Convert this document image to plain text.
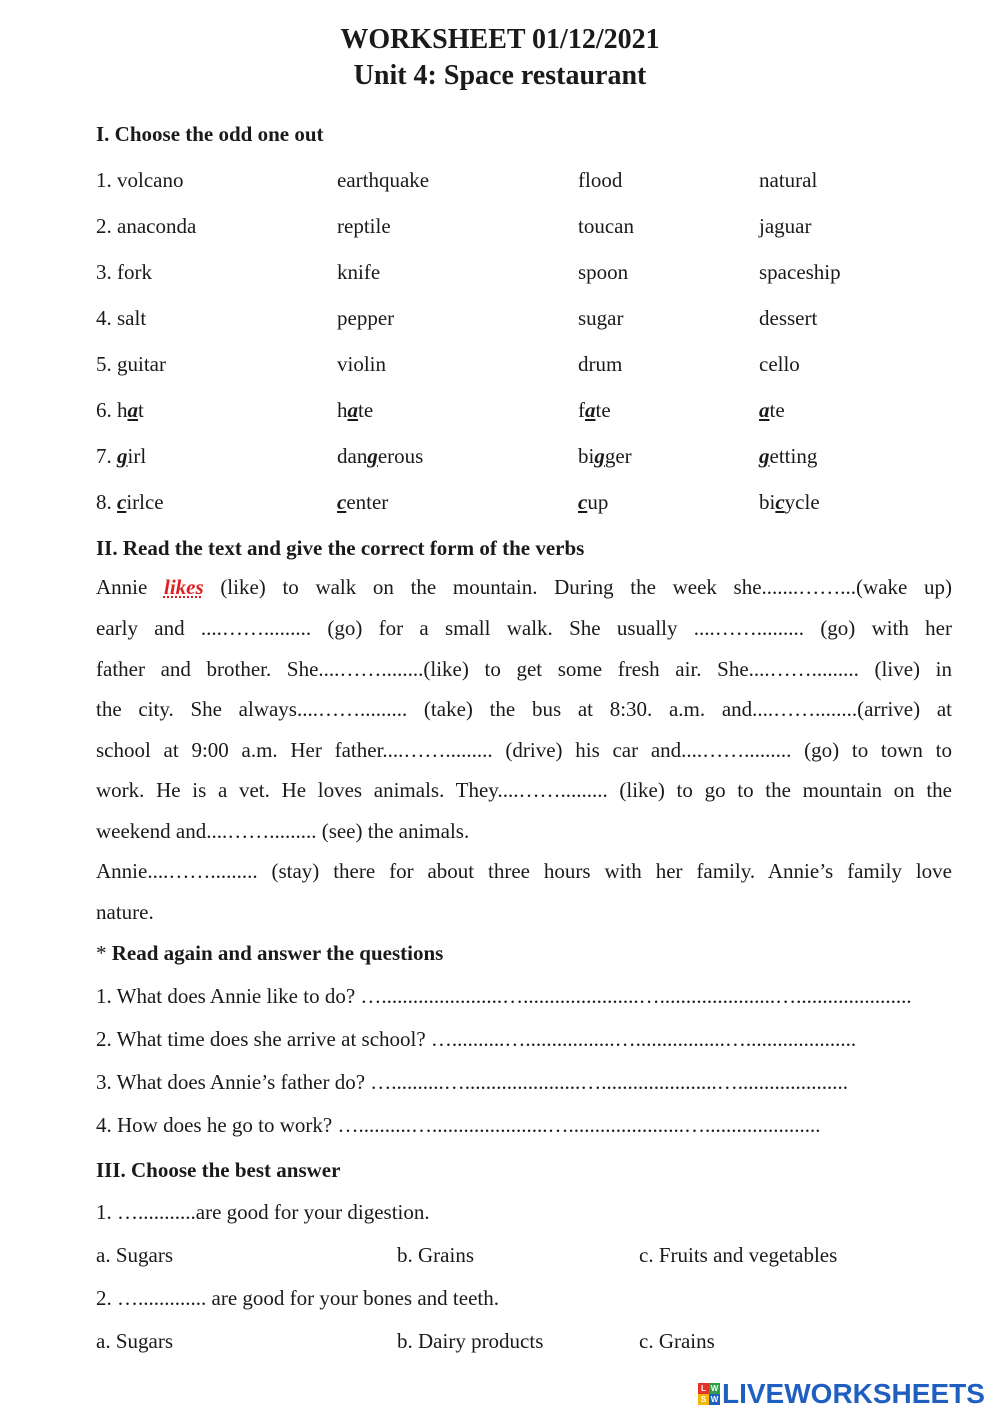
WORKSHEET 01/12/2021
Unit 4: Space restaurant
I. Choose the odd one out
1. volcano	earthquake	flood	natural
2. anaconda	reptile	toucan	jaguar
3. fork	knife	spoon	spaceship
4. salt	pepper	sugar	dessert
5. guitar	violin	drum	cello
6. hat	hate	fate	ate
7. girl	dangerous	bigger	getting
8. cirlce	center	cup	bicycle
II. Read the text and give the correct form of the verbs
Annie likes (like) to walk on the mountain. During the week she.......……...(wake up)
early and ....……......... (go) for a small walk. She usually ....……......... (go) with her
father and brother. She....……........(like) to get some fresh air. She....……......... (live) in
the city. She always....……......... (take) the bus at 8:30. a.m. and....……........(arrive) at
school at 9:00 a.m. Her father....……......... (drive) his car and....……......... (go) to town to
work. He is a vet. He loves animals. They....……......... (like) to go to the mountain on the
weekend and....……......... (see) the animals.
Annie....……......... (stay) there for about three hours with her family. Annie’s family love
nature.
* Read again and answer the questions
1. What does Annie like to do? ….......................…......................…......................…......................
2. What time does she arrive at school? …..........….................….................….....................
3. What does Annie’s father do? …..........…......................…......................….....................
4. How does he go to work? …..........…......................…......................…......................
III. Choose the best answer
1. …...........are good for your digestion.
a. Sugars	b. Grains	c. Fruits and vegetables
2. …............. are good for your bones and teeth.
a. Sugars	b. Dairy products	c. Grains
L W
S W LIVEWORKSHEETS
